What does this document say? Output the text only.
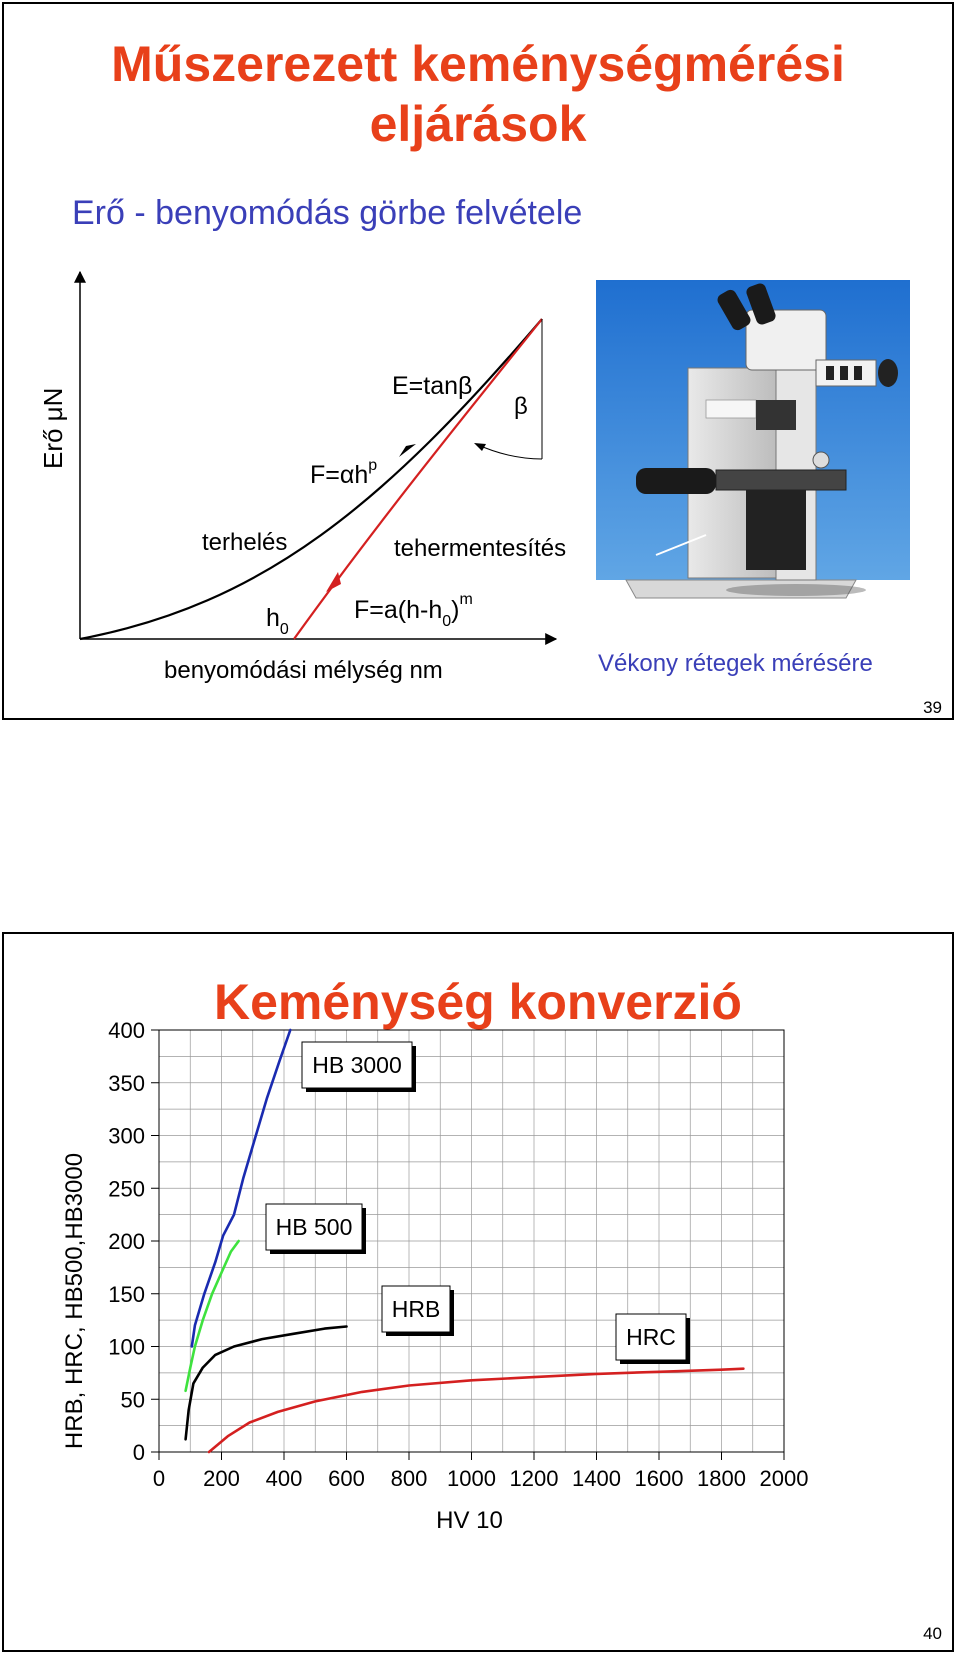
Műszerezett keménységmérési
eljárások
Erő - benyomódás görbe felvétele
Erő μN
benyomódási mélység nm
terhelés	tehermentesítés
E=tanβ
β
$F=\alpha h^p$
$h_0$
$F=a(h-h_0)^m$
Vékony rétegek mérésére
39
Keménység konverzió
0 200 400 600 800 1000 1200 1400 1600 1800 2000
0
50
100
150
200
250
300
350
400
HB 3000
HB 500
HRB
HRC
HV 10
HRB, HRC, HB500,HB3000
40
